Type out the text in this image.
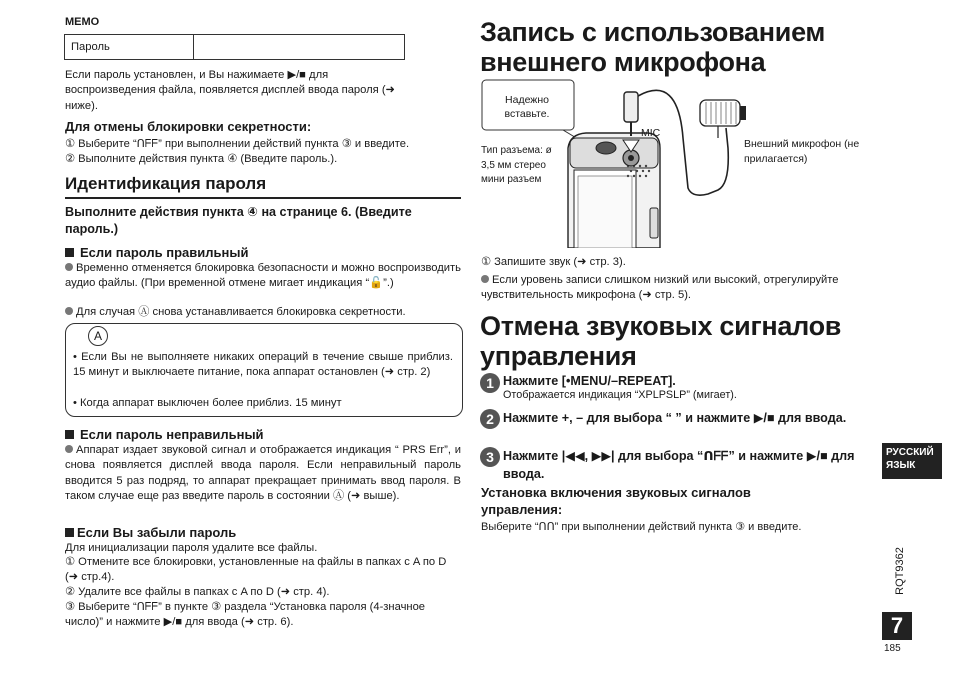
MEMO
Пароль	
Если пароль установлен, и Вы нажимаете ▶/■ для воспроизведения файла, появляется дисплей ввода пароля (➜ ниже).
Для отмены блокировки секретности:
① Выберите “ᑎᖴᖴ” при выполнении действий пункта ③ и введите.
② Выполните действия пункта ④ (Введите пароль.).
Идентификация пароля
Выполните действия пункта ④ на странице 6. (Введите пароль.)
Если пароль правильный
Временно отменяется блокировка безопасности и можно воспроизводить аудио файлы. (При временной отмене мигает индикация “🔓”.)
Для случая Ⓐ снова устанавливается блокировка секретности.
A
• Если Вы не выполняете никаких операций в течение свыше приблиз. 15 минут и выключаете питание, пока аппарат остановлен (➜ стр. 2)
• Когда аппарат выключен более приблиз. 15 минут
Если пароль неправильный
Аппарат издает звуковой сигнал и отображается индикация “ PRS Err”, и снова появляется дисплей ввода пароля. Если неправильный пароль вводится 5 раз подряд, то аппарат прекращает принимать ввод пароля. В таком случае еще раз введите пароль в состоянии Ⓐ (➜ выше).
Если Вы забыли пароль
Для инициализации пароля удалите все файлы.
① Отмените все блокировки, установленные на файлы в папках с A по D (➜ стр.4).
② Удалите все файлы в папках с A по D (➜ стр. 4).
③ Выберите “ᑎᖴᖴ” в пункте ③ раздела “Установка пароля (4-значное число)” и нажмите ▶/■ для ввода (➜ стр. 6).
Запись с использованием внешнего микрофона
Надежно вставьте.
MIC
Внешний микрофон (не прилагается)
Тип разъема: ø 3,5 мм стерео мини разъем
① Запишите звук (➜ стр. 3).
Если уровень записи слишком низкий или высокий, отрегулируйте чувствительность микрофона (➜ стр. 5).
Отмена звуковых сигналов управления
1 Нажмите [•MENU/–REPEAT].
Отображается индикация “XPLPSLP” (мигает).
2 Нажмите +, – для выбора “ ” и нажмите ▶/■ для ввода.
3 Нажмите |◀◀, ▶▶| для выбора “ᑎᖴᖴ” и нажмите ▶/■ для ввода.
Установка включения звуковых сигналов управления:
Выберите “ᑎᑎ” при выполнении действий пункта ③ и введите.
РУССКИЙ
ЯЗЫК
RQT9362
7
185
